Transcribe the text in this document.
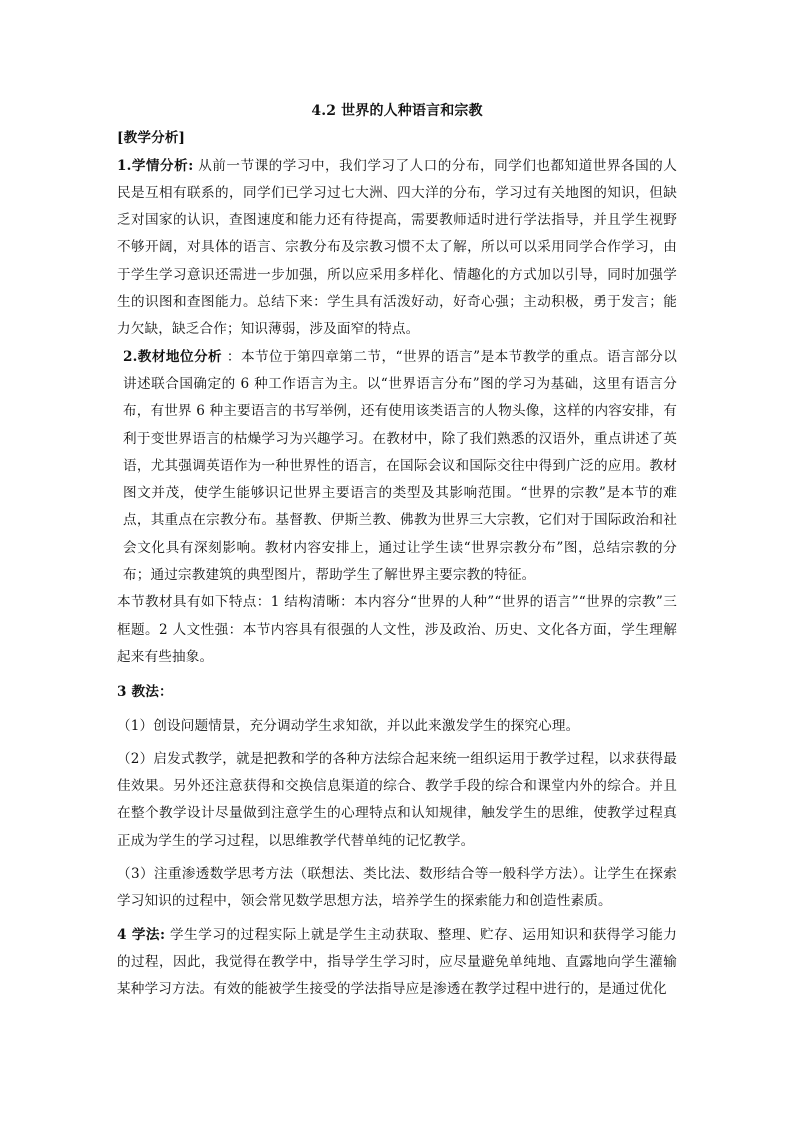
4.2 世界的人种语言和宗教

[教学分析]

1.学情分析: 从前一节课的学习中，我们学习了人口的分布，同学们也都知道世界各国的人民是互相有联系的，同学们已学习过七大洲、四大洋的分布，学习过有关地图的知识，但缺乏对国家的认识，查图速度和能力还有待提高，需要教师适时进行学法指导，并且学生视野不够开阔，对具体的语言、宗教分布及宗教习惯不太了解，所以可以采用同学合作学习，由于学生学习意识还需进一步加强，所以应采用多样化、情趣化的方式加以引导，同时加强学生的识图和查图能力。总结下来：学生具有活泼好动，好奇心强；主动积极，勇于发言；能力欠缺，缺乏合作；知识薄弱，涉及面窄的特点。

2.教材地位分析 ：本节位于第四章第二节，“世界的语言”是本节教学的重点。语言部分以讲述联合国确定的 6 种工作语言为主。以“世界语言分布”图的学习为基础，这里有语言分布，有世界 6 种主要语言的书写举例，还有使用该类语言的人物头像，这样的内容安排，有利于变世界语言的枯燥学习为兴趣学习。在教材中，除了我们熟悉的汉语外，重点讲述了英语，尤其强调英语作为一种世界性的语言，在国际会议和国际交往中得到广泛的应用。教材图文并茂，使学生能够识记世界主要语言的类型及其影响范围。“世界的宗教”是本节的难点，其重点在宗教分布。基督教、伊斯兰教、佛教为世界三大宗教，它们对于国际政治和社会文化具有深刻影响。教材内容安排上，通过让学生读“世界宗教分布”图，总结宗教的分布；通过宗教建筑的典型图片，帮助学生了解世界主要宗教的特征。

本节教材具有如下特点：1 结构清晰：本内容分“世界的人种”“世界的语言”“世界的宗教”三框题。2 人文性强：本节内容具有很强的人文性，涉及政治、历史、文化各方面，学生理解起来有些抽象。

3 教法：

（1）创设问题情景，充分调动学生求知欲，并以此来激发学生的探究心理。

（2）启发式教学，就是把教和学的各种方法综合起来统一组织运用于教学过程，以求获得最佳效果。另外还注意获得和交换信息渠道的综合、教学手段的综合和课堂内外的综合。并且在整个教学设计尽量做到注意学生的心理特点和认知规律，触发学生的思维，使教学过程真正成为学生的学习过程，以思维教学代替单纯的记忆教学。

（3）注重渗透数学思考方法（联想法、类比法、数形结合等一般科学方法）。让学生在探索学习知识的过程中，领会常见数学思想方法，培养学生的探索能力和创造性素质。

4 学法: 学生学习的过程实际上就是学生主动获取、整理、贮存、运用知识和获得学习能力的过程，因此，我觉得在教学中，指导学生学习时，应尽量避免单纯地、直露地向学生灌输某种学习方法。有效的能被学生接受的学法指导应是渗透在教学过程中进行的，是通过优化
